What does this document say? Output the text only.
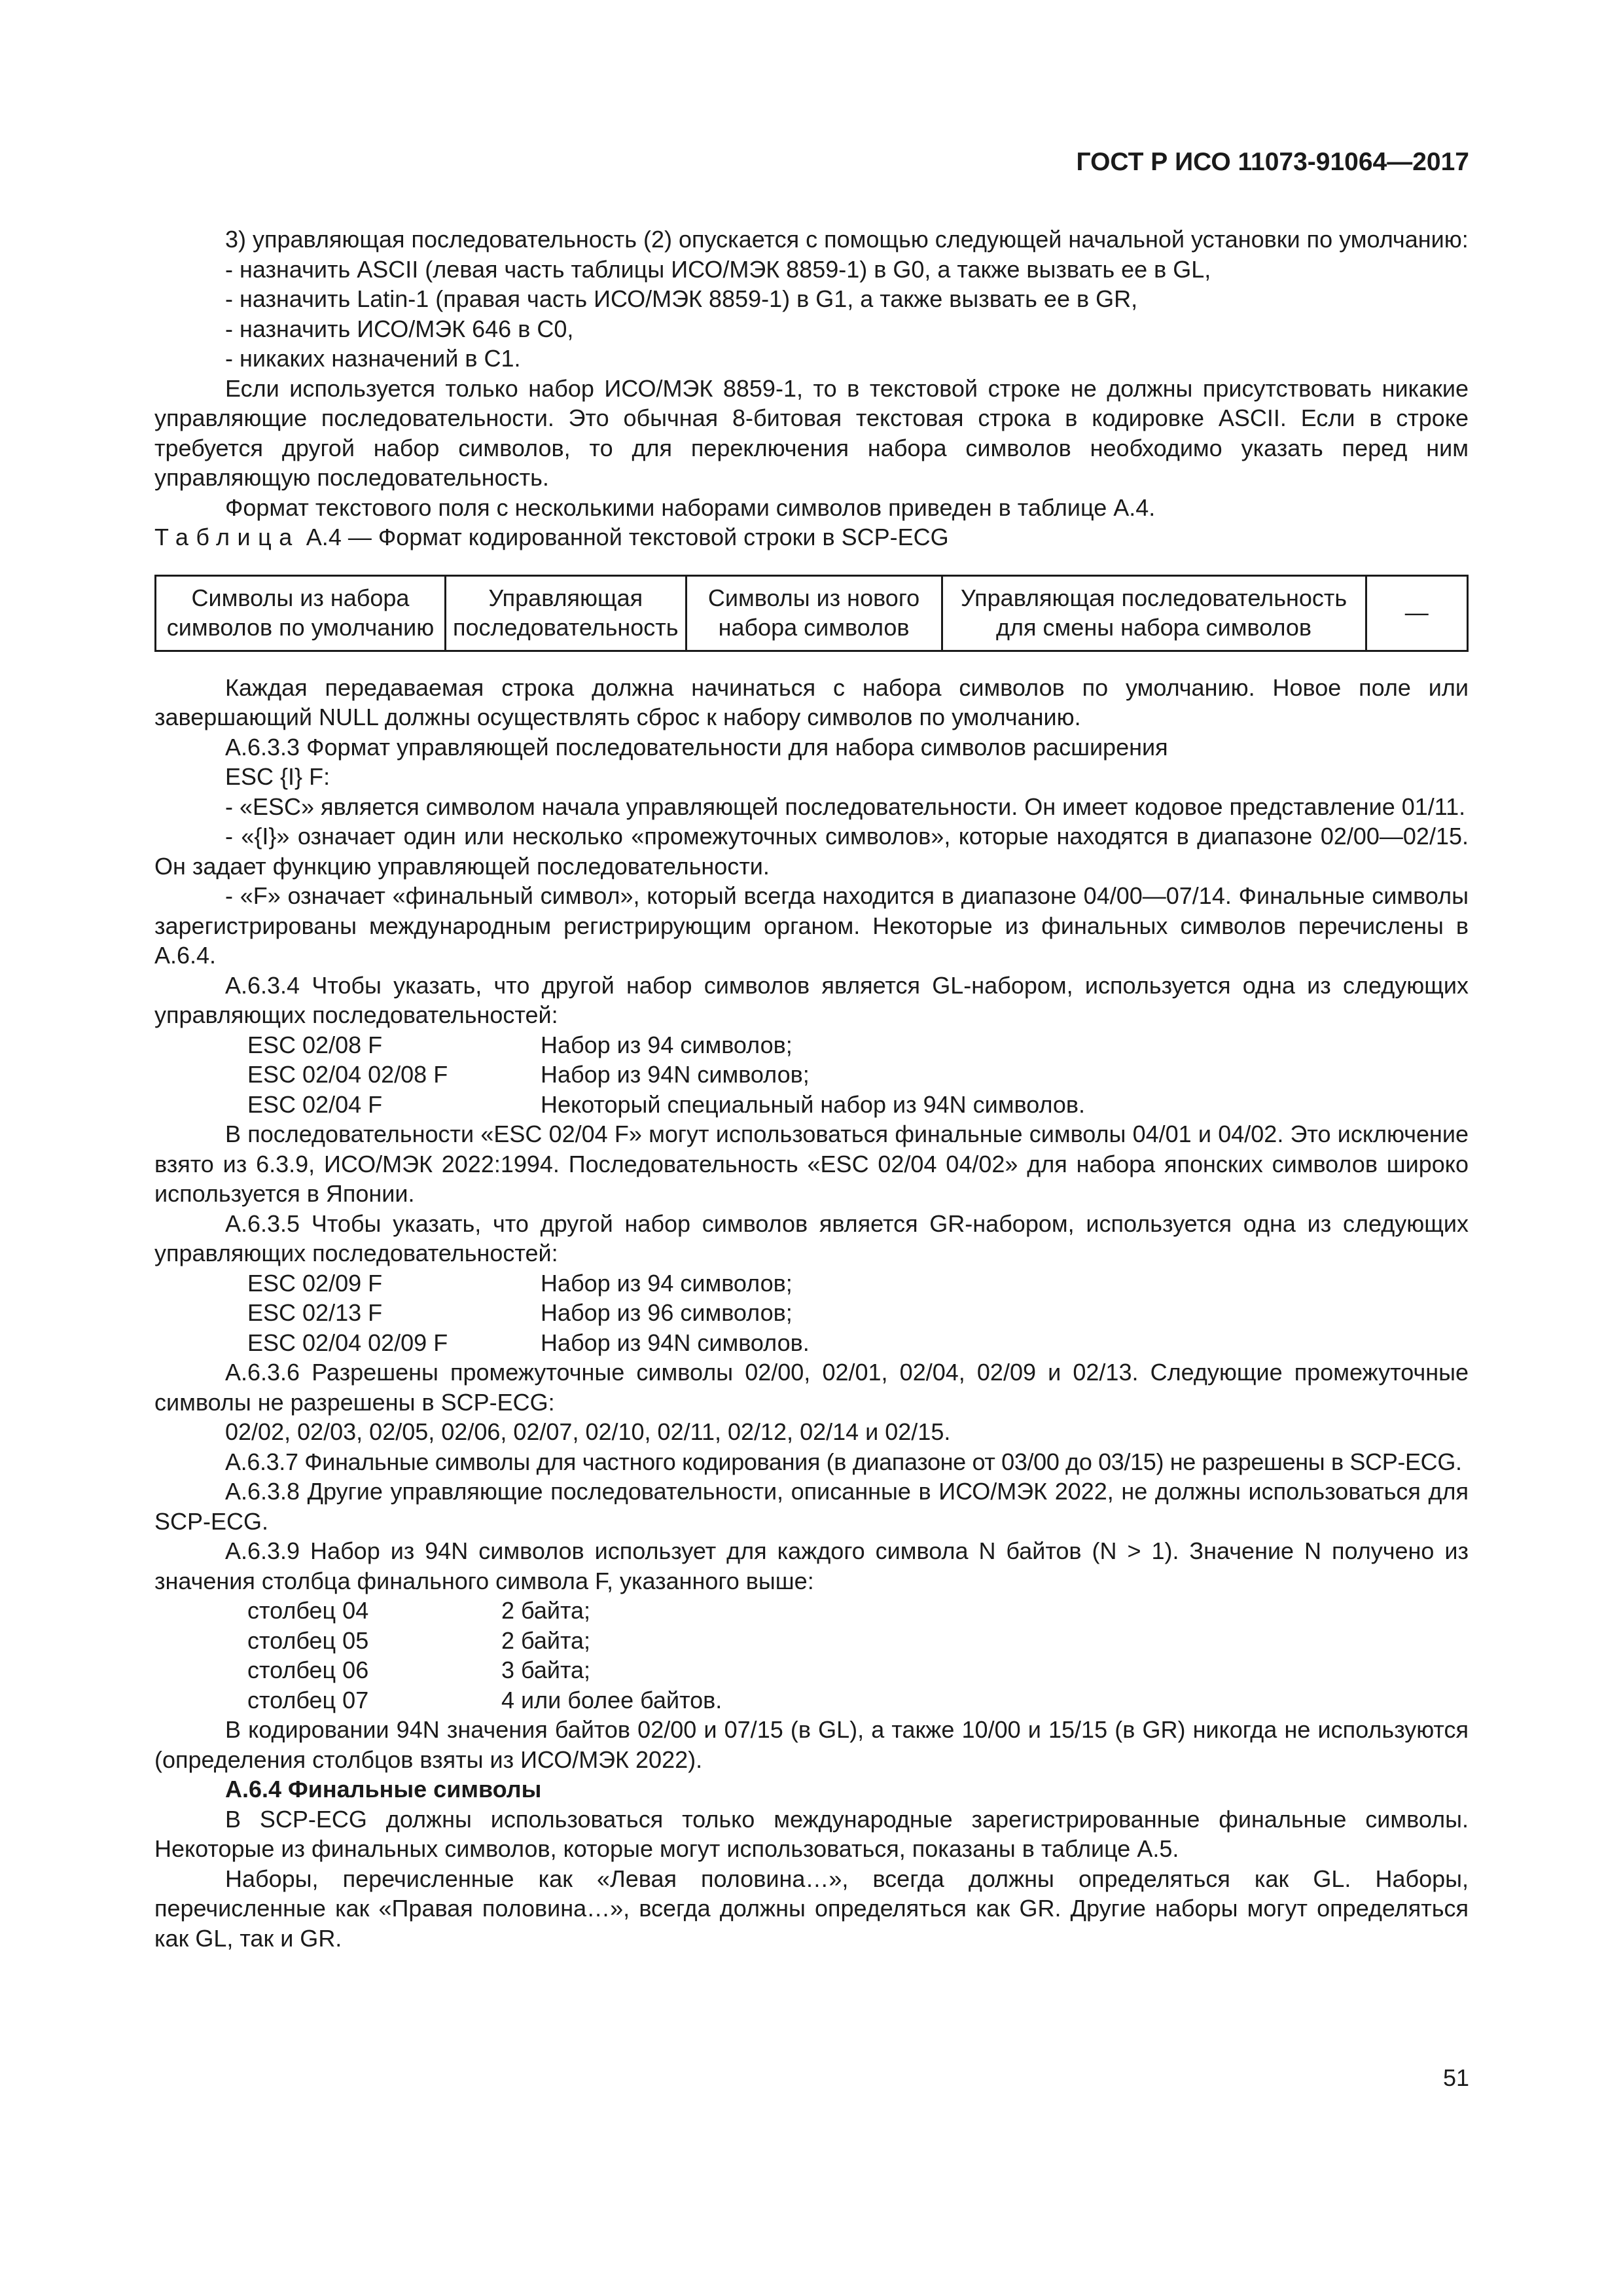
ГОСТ Р ИСО 11073-91064—2017

3) управляющая последовательность (2) опускается с помощью следующей начальной установки по умолчанию:

- назначить ASCII (левая часть таблицы ИСО/МЭК 8859-1) в G0, а также вызвать ее в GL,

- назначить Latin-1 (правая часть ИСО/МЭК 8859-1) в G1, а также вызвать ее в GR,

- назначить ИСО/МЭК 646 в C0,

- никаких назначений в C1.

Если используется только набор ИСО/МЭК 8859-1, то в текстовой строке не должны присутствовать никакие управляющие последовательности. Это обычная 8-битовая текстовая строка в кодировке ASCII. Если в строке требуется другой набор символов, то для переключения набора символов необходимо указать перед ним управляющую последовательность.

Формат текстового поля с несколькими наборами символов приведен в таблице А.4.

Таблица А.4 — Формат кодированной текстовой строки в SCP-ECG

Символы из набора символов по умолчанию	Управляющая последовательность	Символы из нового набора символов	Управляющая последовательность для смены набора символов	—

Каждая передаваемая строка должна начинаться с набора символов по умолчанию. Новое поле или завершающий NULL должны осуществлять сброс к набору символов по умолчанию.

А.6.3.3 Формат управляющей последовательности для набора символов расширения

ESC {I} F:

- «ESC» является символом начала управляющей последовательности. Он имеет кодовое представление 01/11.

- «{I}» означает один или несколько «промежуточных символов», которые находятся в диапазоне 02/00—02/15. Он задает функцию управляющей последовательности.

- «F» означает «финальный символ», который всегда находится в диапазоне 04/00—07/14. Финальные символы зарегистрированы международным регистрирующим органом. Некоторые из финальных символов перечислены в А.6.4.

А.6.3.4 Чтобы указать, что другой набор символов является GL-набором, используется одна из следующих управляющих последовательностей:

ESC 02/08 F	Набор из 94 символов;
ESC 02/04 02/08 F	Набор из 94N символов;
ESC 02/04 F	Некоторый специальный набор из 94N символов.

В последовательности «ESC 02/04 F» могут использоваться финальные символы 04/01 и 04/02. Это исключение взято из 6.3.9, ИСО/МЭК 2022:1994. Последовательность «ESC 02/04 04/02» для набора японских символов широко используется в Японии.

А.6.3.5 Чтобы указать, что другой набор символов является GR-набором, используется одна из следующих управляющих последовательностей:

ESC 02/09 F	Набор из 94 символов;
ESC 02/13 F	Набор из 96 символов;
ESC 02/04 02/09 F	Набор из 94N символов.

А.6.3.6 Разрешены промежуточные символы 02/00, 02/01, 02/04, 02/09 и 02/13. Следующие промежуточные символы не разрешены в SCP-ECG:

02/02, 02/03, 02/05, 02/06, 02/07, 02/10, 02/11, 02/12, 02/14 и 02/15.

А.6.3.7 Финальные символы для частного кодирования (в диапазоне от 03/00 до 03/15) не разрешены в SCP-ECG.

А.6.3.8 Другие управляющие последовательности, описанные в ИСО/МЭК 2022, не должны использоваться для SCP-ECG.

А.6.3.9 Набор из 94N символов использует для каждого символа N байтов (N > 1). Значение N получено из значения столбца финального символа F, указанного выше:

столбец 04	2 байта;
столбец 05	2 байта;
столбец 06	3 байта;
столбец 07	4 или более байтов.

В кодировании 94N значения байтов 02/00 и 07/15 (в GL), а также 10/00 и 15/15 (в GR) никогда не используются (определения столбцов взяты из ИСО/МЭК 2022).

А.6.4 Финальные символы

В SCP-ECG должны использоваться только международные зарегистрированные финальные символы. Некоторые из финальных символов, которые могут использоваться, показаны в таблице А.5.

Наборы, перечисленные как «Левая половина…», всегда должны определяться как GL. Наборы, перечисленные как «Правая половина…», всегда должны определяться как GR. Другие наборы могут определяться как GL, так и GR.

51
